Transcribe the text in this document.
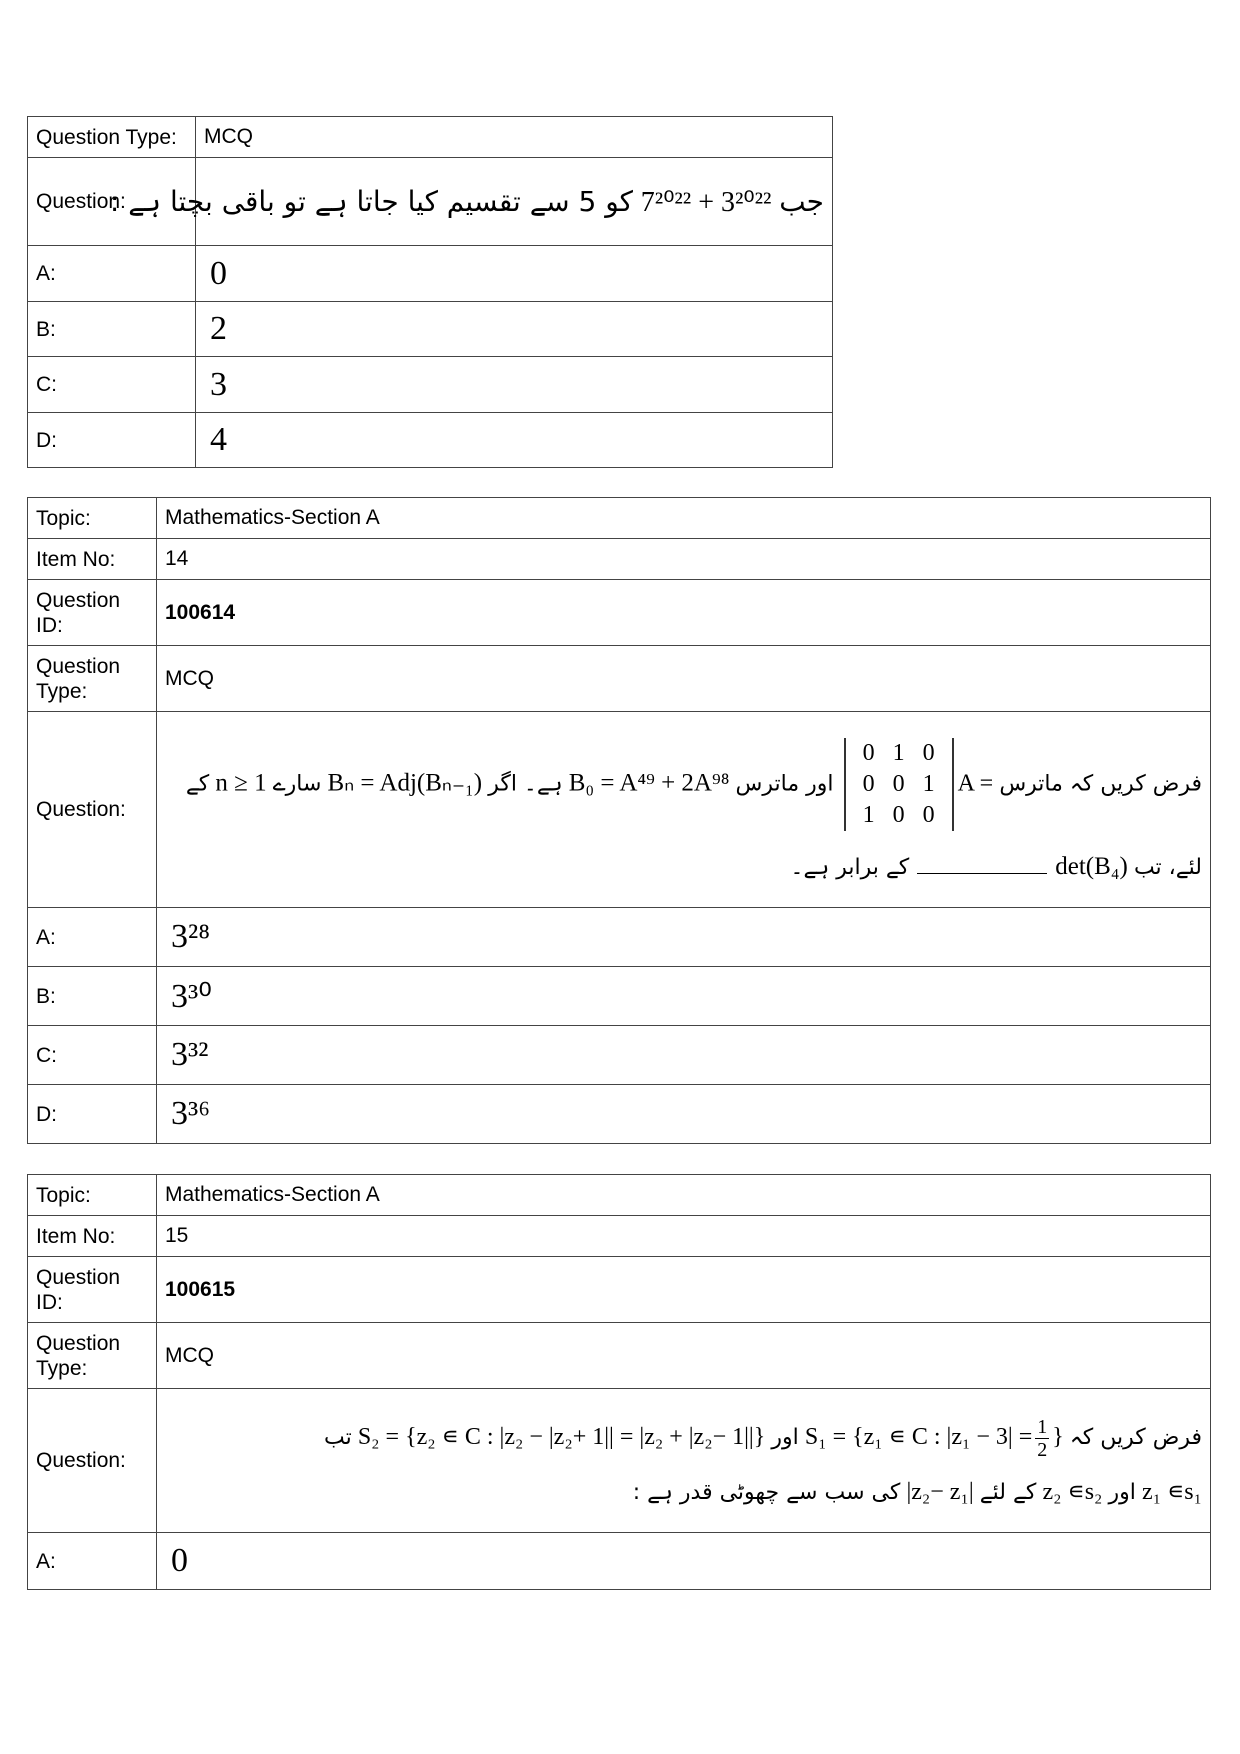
Question Type:	MCQ
Question:	جب 7²⁰²² + 3²⁰²² کو 5 سے تقسیم کیا جاتا ہے تو باقی بچتا ہے :

A:	0
B:	2
C:	3
D:	4
Topic:	Mathematics-Section A
Item No:	14
Question ID:	100614
Question Type:	MCQ
Question:	
فرض کریں کہ ماترس A =
0	1	0
0	0	1
1	0	0
اور ماترس B₀ = A⁴⁹ + 2A⁹⁸ ہے۔ اگر Bₙ = Adj(Bₙ₋₁) سارے n ≥ 1 کے
لئے، تب det(B₄)کے برابر ہے۔

A:	3²⁸
B:	3³⁰
C:	3³²
D:	3³⁶
Topic:	Mathematics-Section A
Item No:	15
Question ID:	100615
Question Type:	MCQ
Question:	فرض کریں کہ S₁ = {z₁ ∊ C : $|z_1 - 3| = \frac{1}{2}$ } اور S₂ = {z₂ ∊ C : |z₂ − |z₂+ 1|| = |z₂ + |z₂− 1||} تب
z₁ ∊s₁ اور z₂ ∊s₂ کے لئے |z₂− z₁| کی سب سے چھوٹی قدر ہے :

A:	0
